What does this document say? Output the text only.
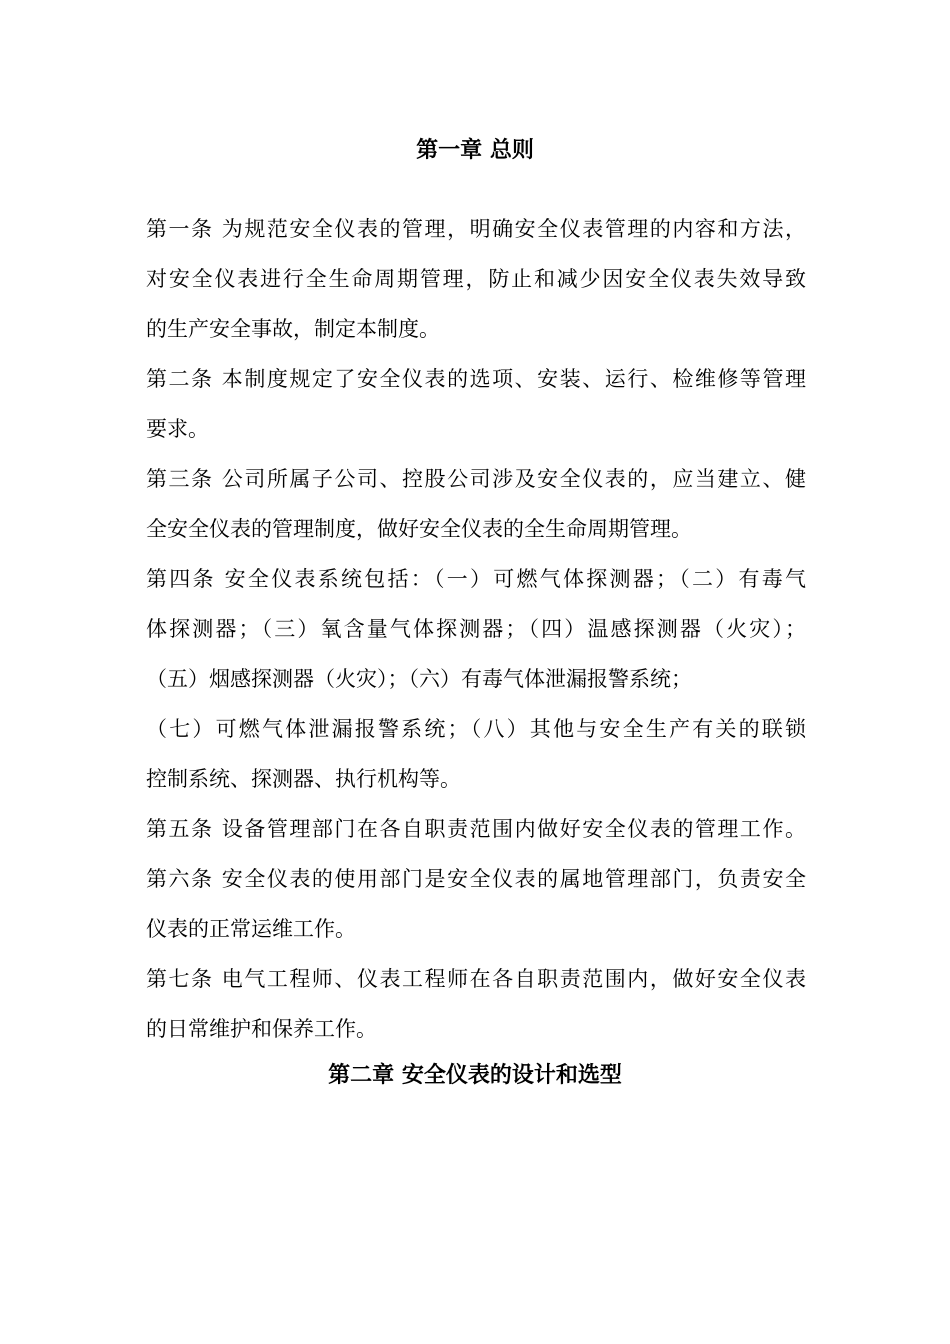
第一章 总则

第一条 为规范安全仪表的管理，明确安全仪表管理的内容和方法，

对安全仪表进行全生命周期管理，防止和减少因安全仪表失效导致

的生产安全事故，制定本制度。

第二条 本制度规定了安全仪表的选项、安装、运行、检维修等管理

要求。

第三条 公司所属子公司、控股公司涉及安全仪表的，应当建立、健

全安全仪表的管理制度，做好安全仪表的全生命周期管理。

第四条 安全仪表系统包括：（一）可燃气体探测器；（二）有毒气

体探测器；（三）氧含量气体探测器；（四）温感探测器（火灾）；

（五）烟感探测器（火灾）；（六）有毒气体泄漏报警系统；

（七）可燃气体泄漏报警系统；（八）其他与安全生产有关的联锁

控制系统、探测器、执行机构等。

第五条 设备管理部门在各自职责范围内做好安全仪表的管理工作。

第六条 安全仪表的使用部门是安全仪表的属地管理部门，负责安全

仪表的正常运维工作。

第七条 电气工程师、仪表工程师在各自职责范围内，做好安全仪表

的日常维护和保养工作。

第二章 安全仪表的设计和选型
